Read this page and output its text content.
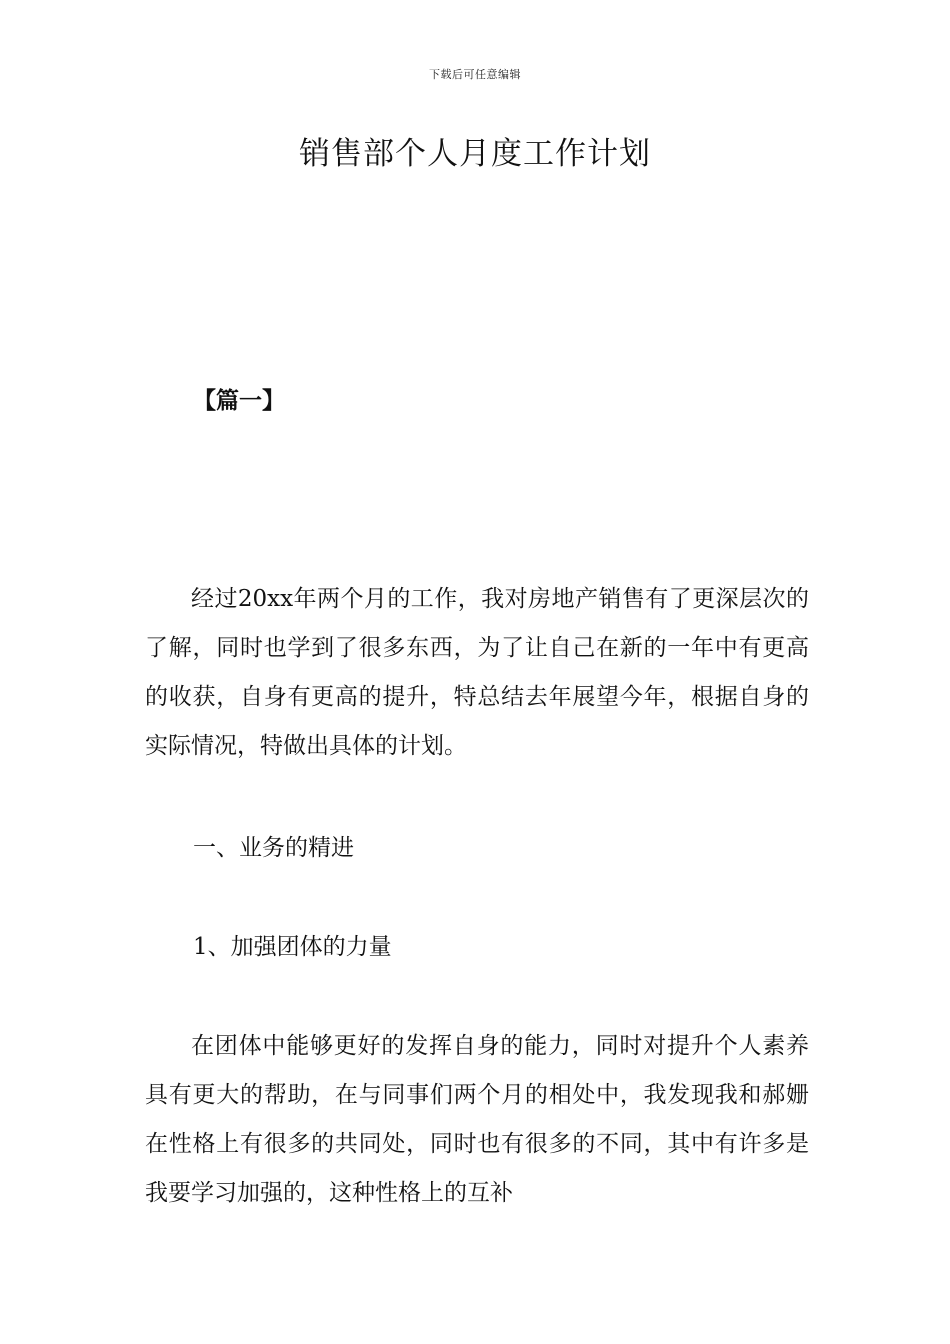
下载后可任意编辑
销售部个人月度工作计划
【篇一】

经过20xx年两个月的工作，我对房地产销售有了更深层次的了解，同时也学到了很多东西，为了让自己在新的一年中有更高的收获，自身有更高的提升，特总结去年展望今年，根据自身的实际情况，特做出具体的计划。

一、业务的精进

1、加强团体的力量

在团体中能够更好的发挥自身的能力，同时对提升个人素养具有更大的帮助，在与同事们两个月的相处中，我发现我和郝姗在性格上有很多的共同处，同时也有很多的不同，其中有许多是我要学习加强的，这种性格上的互补
